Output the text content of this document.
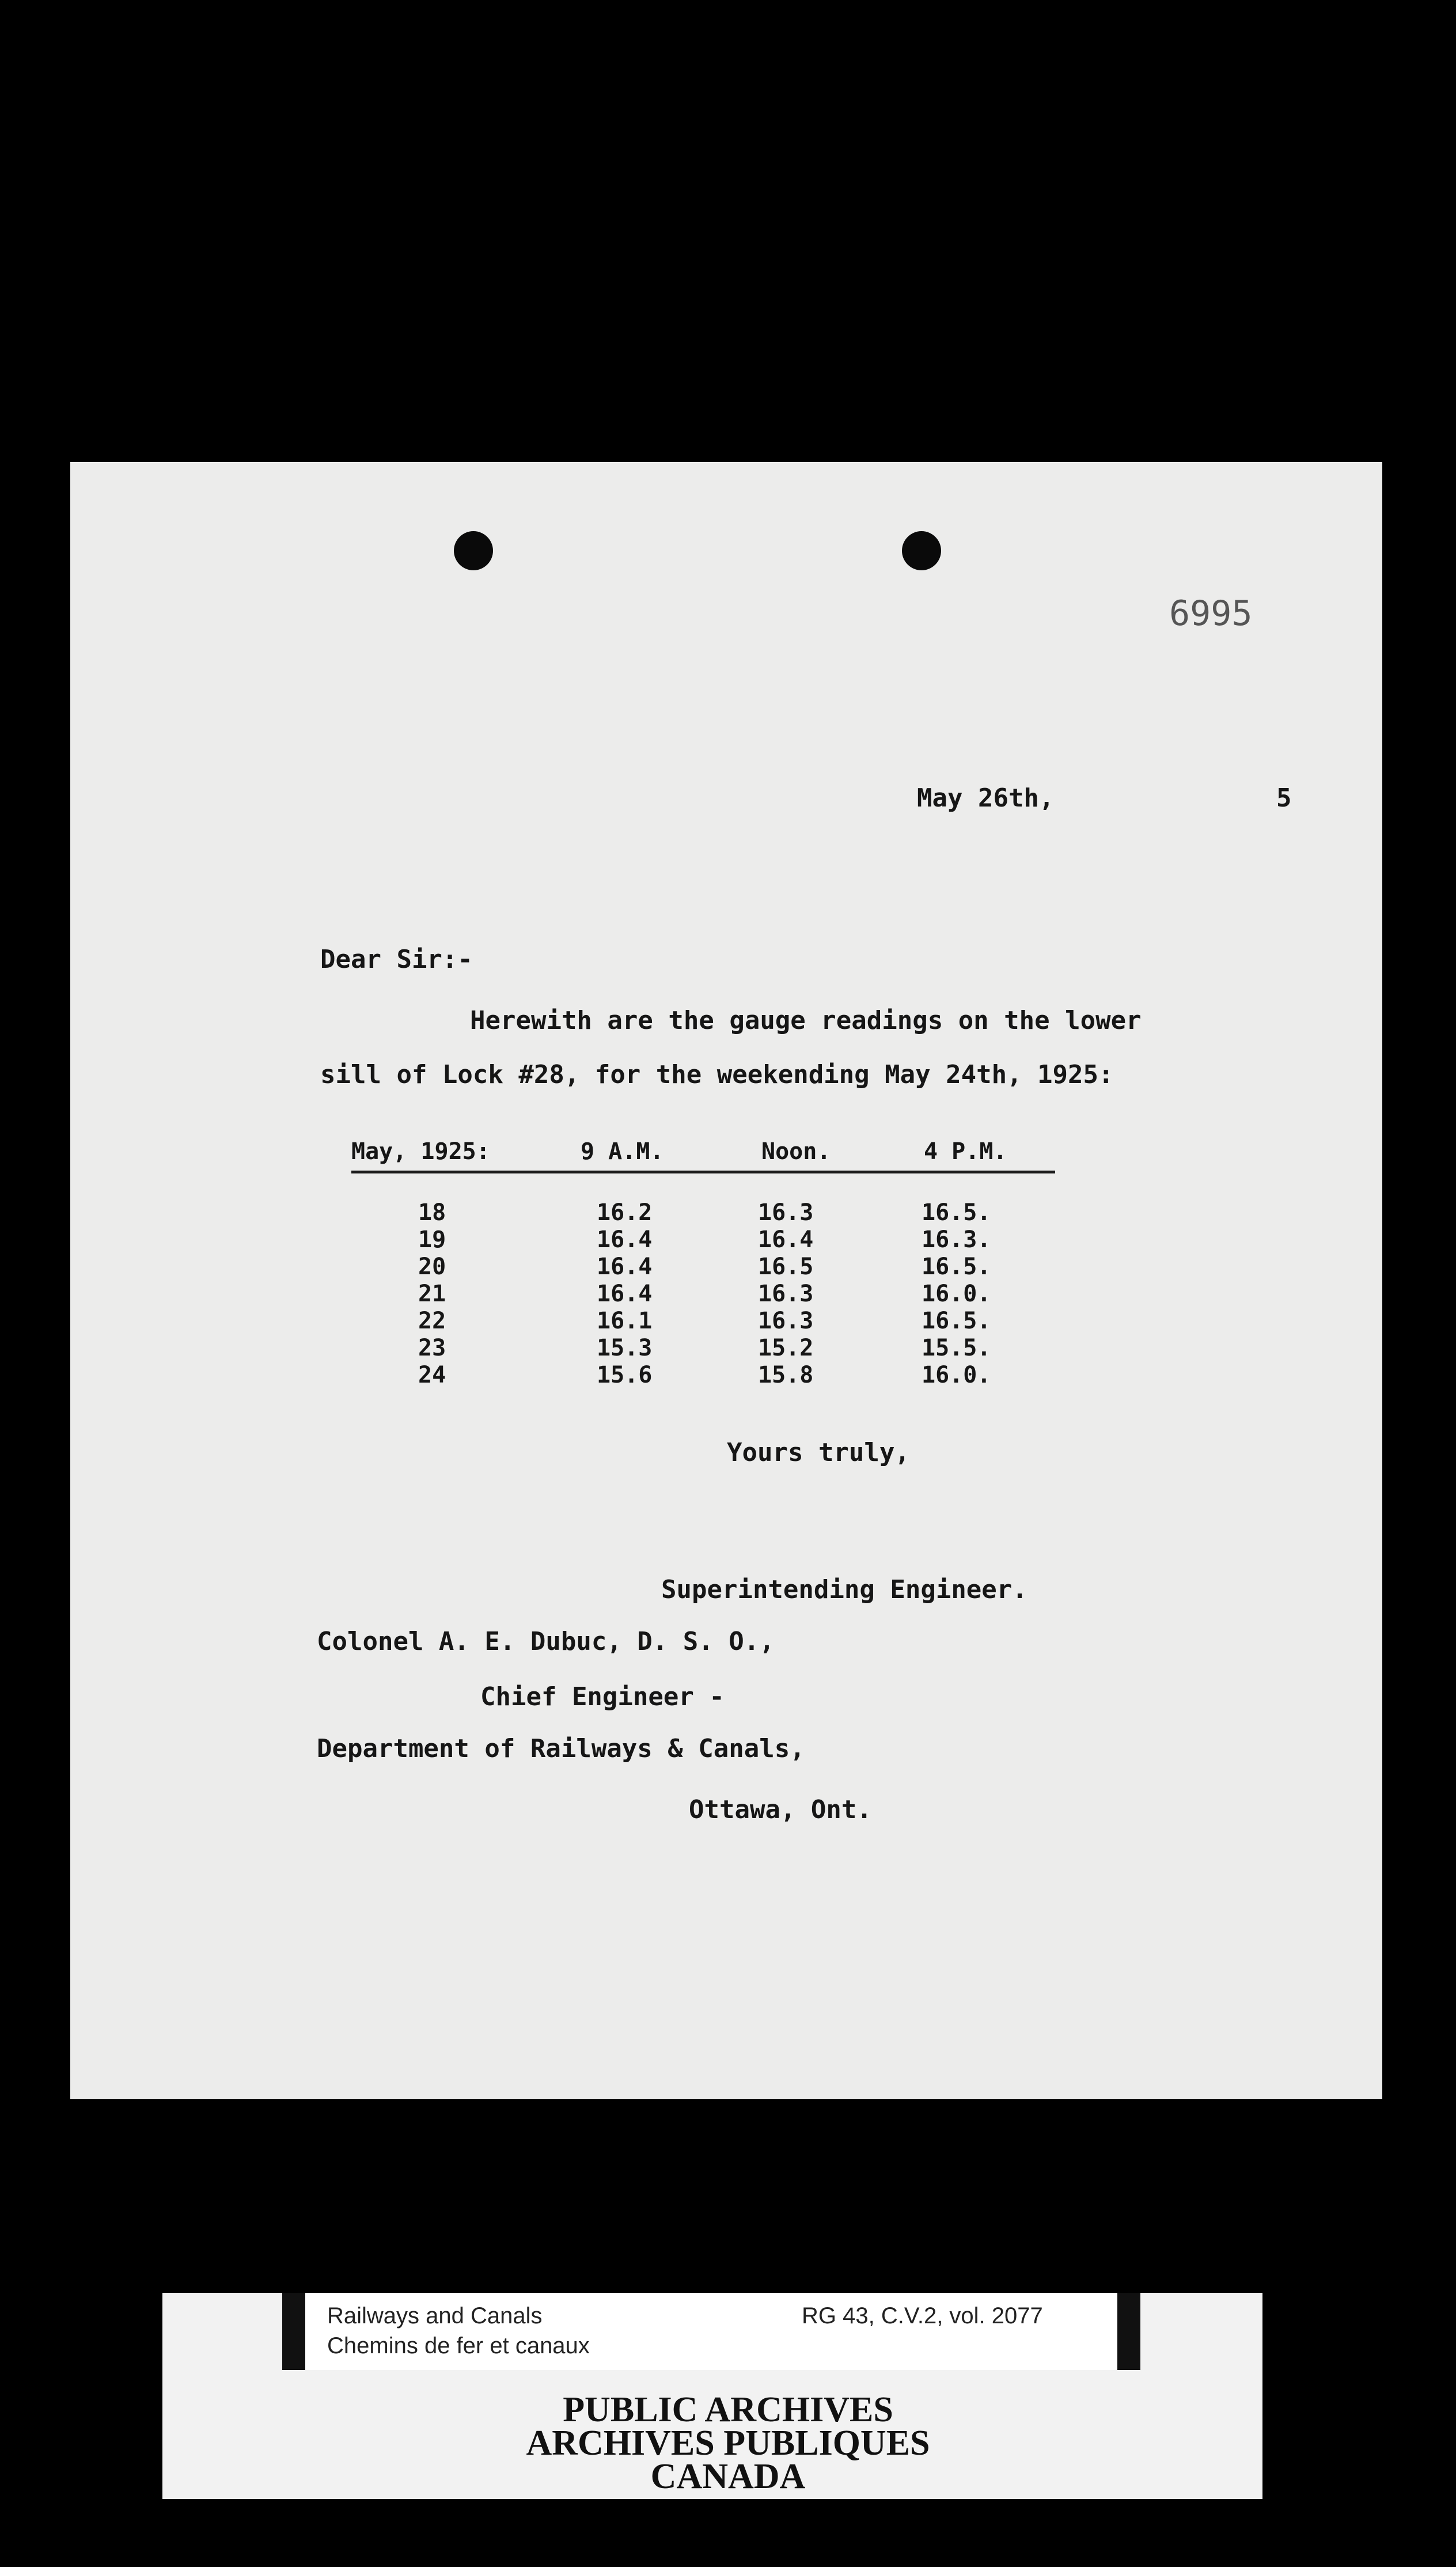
6995
May 26th,	5
Dear Sir:-
Herewith are the gauge readings on the lower
sill of Lock #28, for the weekending May 24th, 1925:
May, 1925:	9 A.M.	Noon.	4 P.M.
18	16.2	16.3	16.5.
19	16.4	16.4	16.3.
20	16.4	16.5	16.5.
21	16.4	16.3	16.0.
22	16.1	16.3	16.5.
23	15.3	15.2	15.5.
24	15.6	15.8	16.0.
Yours truly,
Superintending Engineer.
Colonel A. E. Dubuc, D. S. O.,
Chief Engineer -
Department of Railways & Canals,
Ottawa, Ont.
Railways and Canals
Chemins de fer et canaux
RG 43, C.V.2, vol. 2077
PUBLIC ARCHIVES
ARCHIVES PUBLIQUES
CANADA
